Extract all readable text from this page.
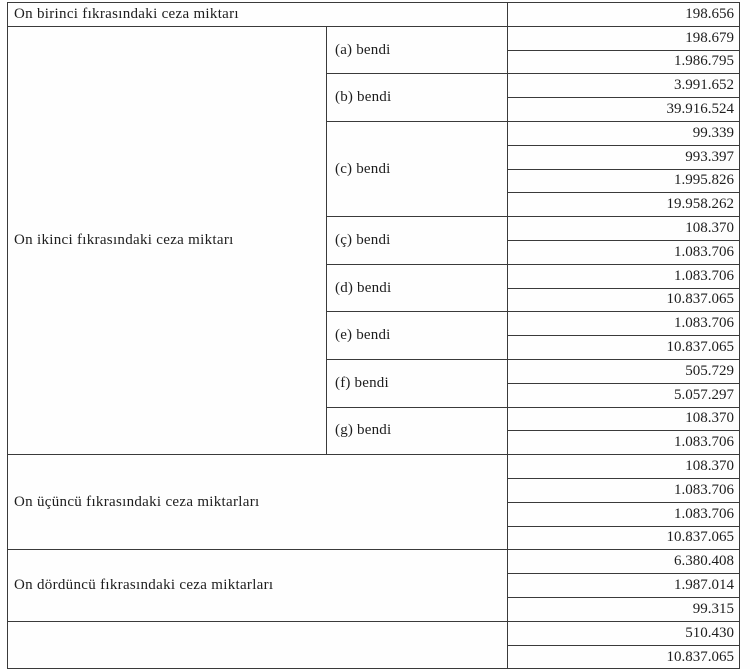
On birinci fıkrasındaki ceza miktarı		198.656
On ikinci fıkrasındaki ceza miktarı	(a) bendi	198.679
		1.986.795
	(b) bendi	3.991.652
		39.916.524
	(c) bendi	99.339
		993.397
		1.995.826
		19.958.262
	(ç) bendi	108.370
		1.083.706
	(d) bendi	1.083.706
		10.837.065
	(e) bendi	1.083.706
		10.837.065
	(f) bendi	505.729
		5.057.297
	(g) bendi	108.370
		1.083.706
On üçüncü fıkrasındaki ceza miktarları		108.370
		1.083.706
		1.083.706
		10.837.065
On dördüncü fıkrasındaki ceza miktarları		6.380.408
		1.987.014
		99.315
		510.430
		10.837.065
